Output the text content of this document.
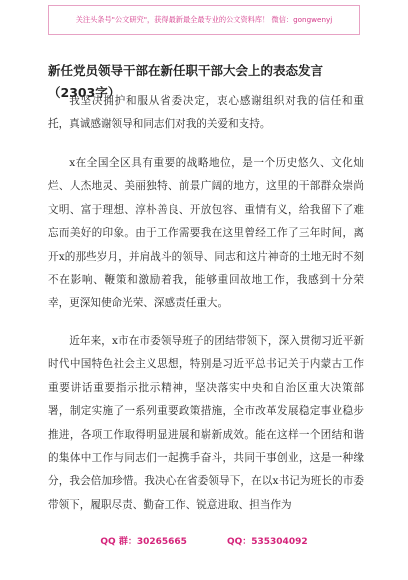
关注头条号"公文研究"，获得最新最全最专业的公文资料库！ 微信：gongwenyj
新任党员领导干部在新任职干部大会上的表态发言（2303字）

我坚决拥护和服从省委决定，衷心感谢组织对我的信任和重托，真诚感谢领导和同志们对我的关爱和支持。

x在全国全区具有重要的战略地位，是一个历史悠久、文化灿烂、人杰地灵、美丽独特、前景广阔的地方，这里的干部群众崇尚文明、富于理想、淳朴善良、开放包容、重情有义，给我留下了难忘而美好的印象。由于工作需要我在这里曾经工作了三年时间，离开x的那些岁月，并肩战斗的领导、同志和这片神奇的土地无时不刻不在影响、鞭策和激励着我，能够重回故地工作，我感到十分荣幸，更深知使命光荣、深感责任重大。

近年来，x市在市委领导班子的团结带领下，深入贯彻习近平新时代中国特色社会主义思想，特别是习近平总书记关于内蒙古工作重要讲话重要指示批示精神，坚决落实中央和自治区重大决策部署，制定实施了一系列重要政策措施，全市改革发展稳定事业稳步推进，各项工作取得明显进展和崭新成效。能在这样一个团结和谐的集体中工作与同志们一起携手奋斗，共同干事创业，这是一种缘分，我会倍加珍惜。我决心在省委领导下，在以x书记为班长的市委带领下，履职尽责、勤奋工作、锐意进取、担当作为

QQ 群：30265665	QQ：535304092
